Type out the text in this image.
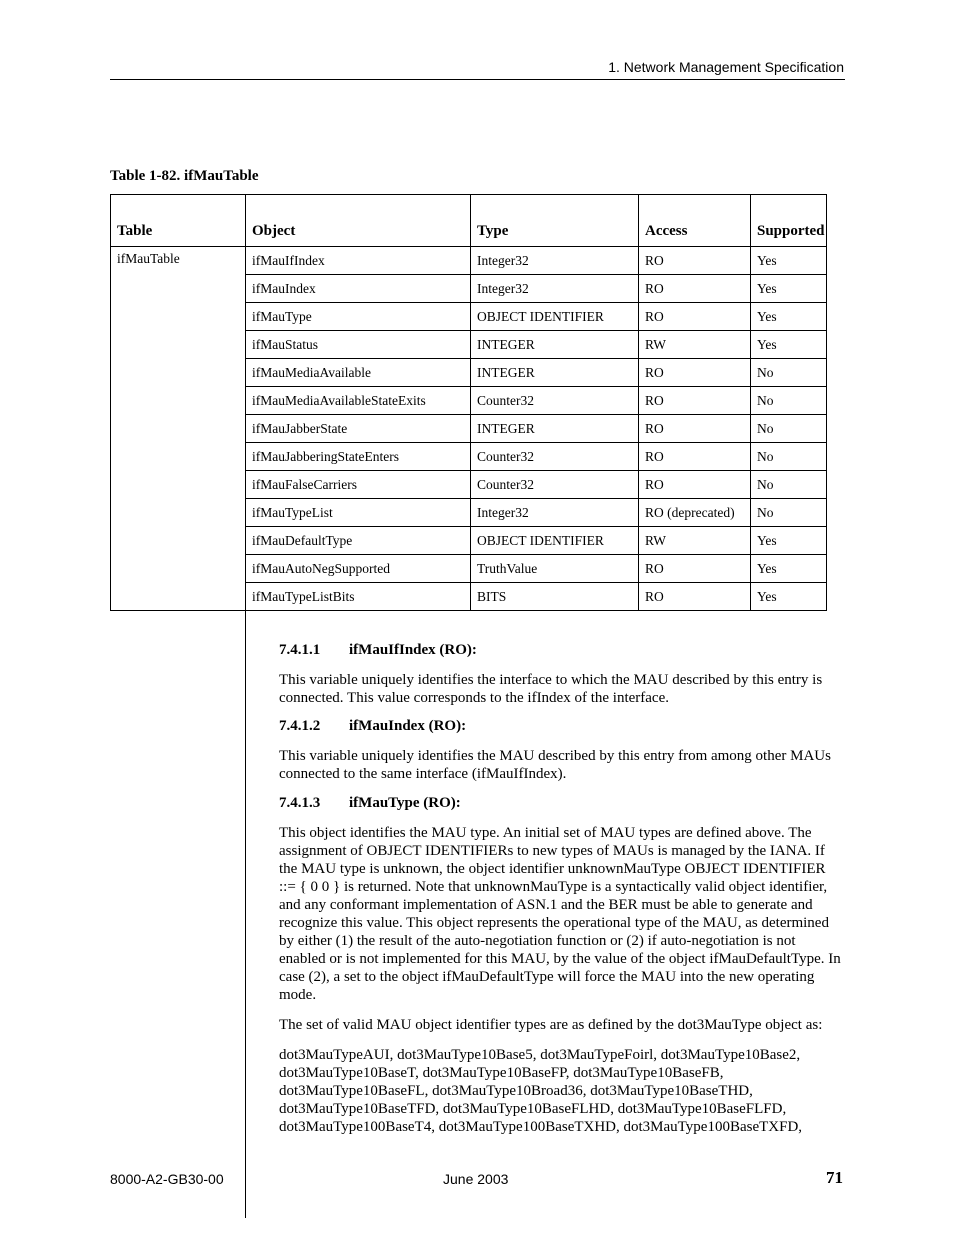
1. Network Management Specification
Table 1-82. ifMauTable
Table	Object	Type	Access	Supported
ifMauTable	ifMauIfIndex	Integer32	RO	Yes
	ifMauIndex	Integer32	RO	Yes
	ifMauType	OBJECT IDENTIFIER	RO	Yes
	ifMauStatus	INTEGER	RW	Yes
	ifMauMediaAvailable	INTEGER	RO	No
	ifMauMediaAvailableStateExits	Counter32	RO	No
	ifMauJabberState	INTEGER	RO	No
	ifMauJabberingStateEnters	Counter32	RO	No
	ifMauFalseCarriers	Counter32	RO	No
	ifMauTypeList	Integer32	RO (deprecated)	No
	ifMauDefaultType	OBJECT IDENTIFIER	RW	Yes
	ifMauAutoNegSupported	TruthValue	RO	Yes
	ifMauTypeListBits	BITS	RO	Yes
7.4.1.1 ifMauIfIndex (RO):
This variable uniquely identifies the interface to which the MAU described by this entry is connected. This value corresponds to the ifIndex of the interface.
7.4.1.2 ifMauIndex (RO):
This variable uniquely identifies the MAU described by this entry from among other MAUs connected to the same interface (ifMauIfIndex).
7.4.1.3 ifMauType (RO):
This object identifies the MAU type. An initial set of MAU types are defined above. The assignment of OBJECT IDENTIFIERs to new types of MAUs is managed by the IANA. If the MAU type is unknown, the object identifier unknownMauType OBJECT IDENTIFIER ::= { 0 0 } is returned. Note that unknownMauType is a syntactically valid object identifier, and any conformant implementation of ASN.1 and the BER must be able to generate and recognize this value. This object represents the operational type of the MAU, as determined by either (1) the result of the auto-negotiation function or (2) if auto-negotiation is not enabled or is not implemented for this MAU, by the value of the object ifMauDefaultType. In case (2), a set to the object ifMauDefaultType will force the MAU into the new operating mode.
The set of valid MAU object identifier types are as defined by the dot3MauType object as:
dot3MauTypeAUI, dot3MauType10Base5, dot3MauTypeFoirl, dot3MauType10Base2, dot3MauType10BaseT, dot3MauType10BaseFP, dot3MauType10BaseFB, dot3MauType10BaseFL, dot3MauType10Broad36, dot3MauType10BaseTHD, dot3MauType10BaseTFD, dot3MauType10BaseFLHD, dot3MauType10BaseFLFD, dot3MauType100BaseT4, dot3MauType100BaseTXHD, dot3MauType100BaseTXFD,
8000-A2-GB30-00	June 2003	71
